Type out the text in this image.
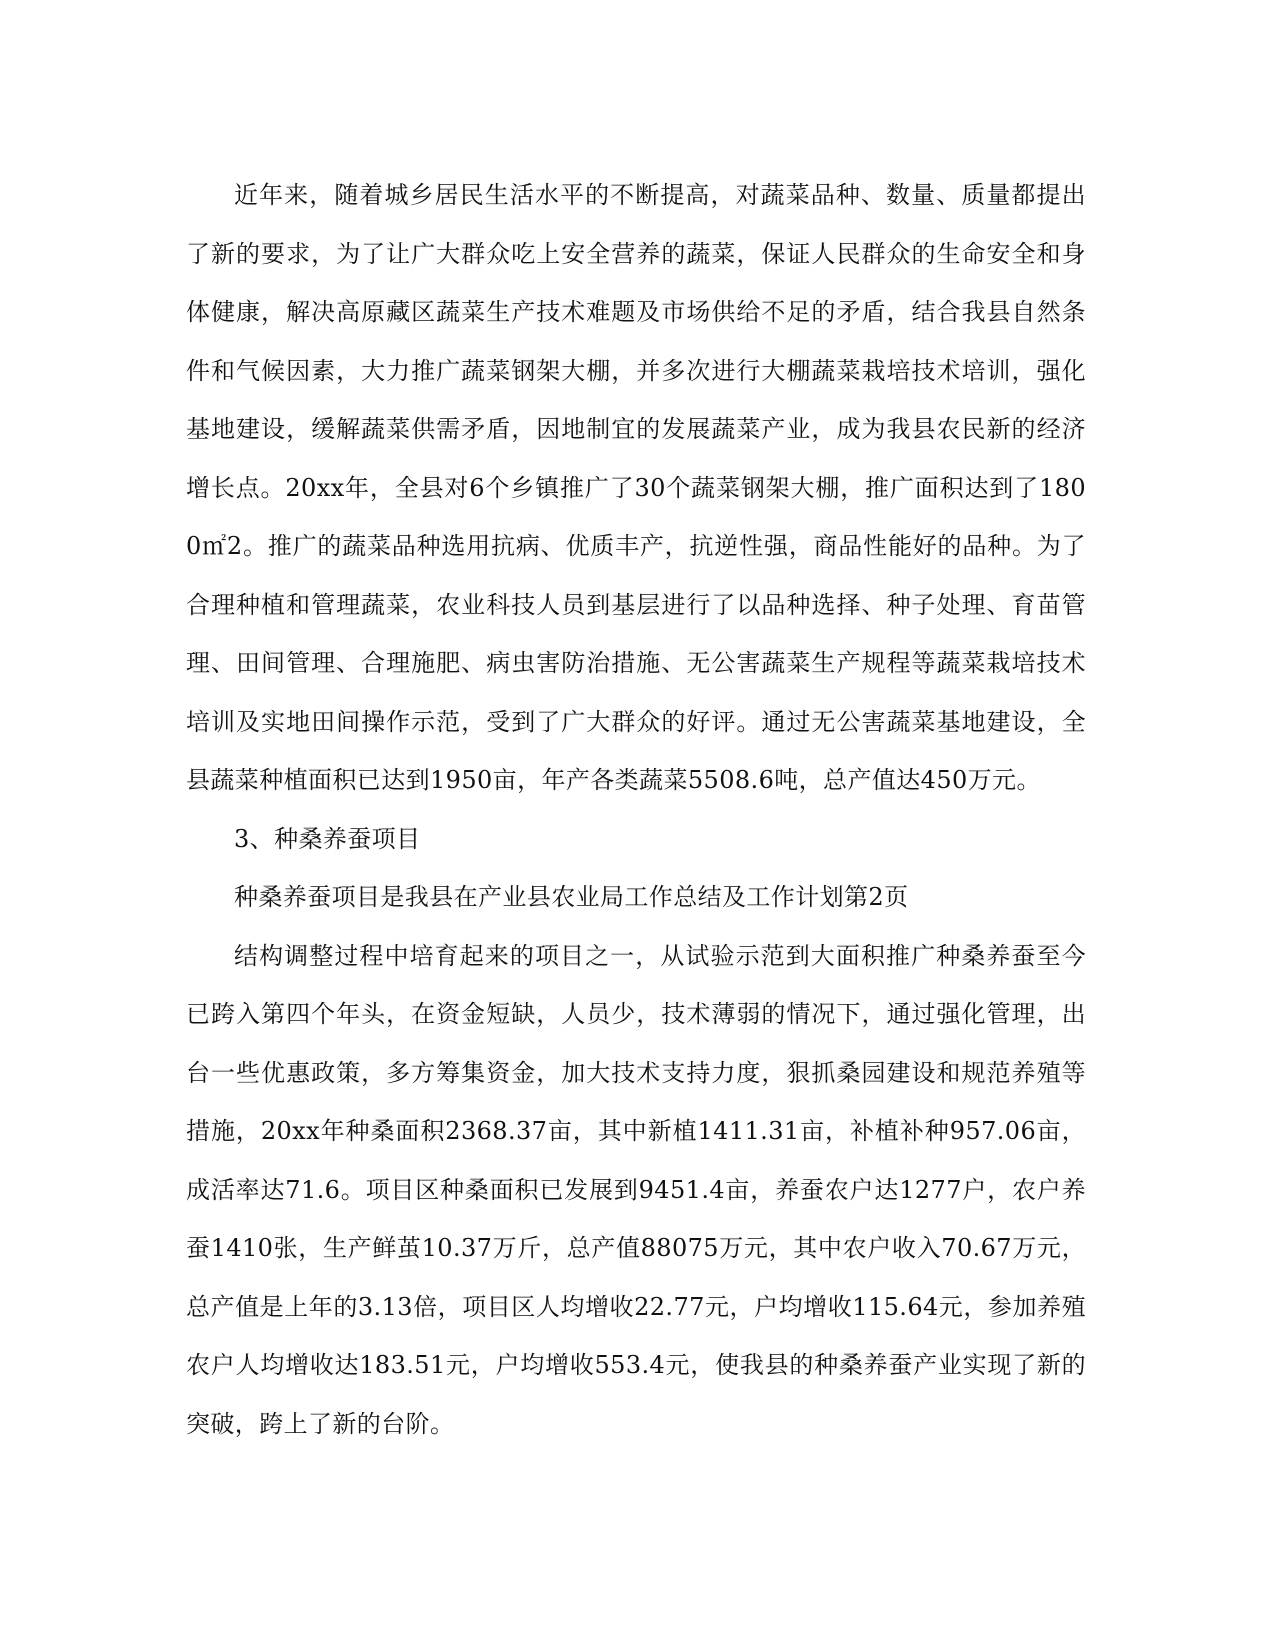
近年来，随着城乡居民生活水平的不断提高，对蔬菜品种、数量、质量都提出了新的要求，为了让广大群众吃上安全营养的蔬菜，保证人民群众的生命安全和身体健康，解决高原藏区蔬菜生产技术难题及市场供给不足的矛盾，结合我县自然条件和气候因素，大力推广蔬菜钢架大棚，并多次进行大棚蔬菜栽培技术培训，强化基地建设，缓解蔬菜供需矛盾，因地制宜的发展蔬菜产业，成为我县农民新的经济增长点。20xx年，全县对6个乡镇推广了30个蔬菜钢架大棚，推广面积达到了1800㎡2。推广的蔬菜品种选用抗病、优质丰产，抗逆性强，商品性能好的品种。为了合理种植和管理蔬菜，农业科技人员到基层进行了以品种选择、种子处理、育苗管理、田间管理、合理施肥、病虫害防治措施、无公害蔬菜生产规程等蔬菜栽培技术培训及实地田间操作示范，受到了广大群众的好评。通过无公害蔬菜基地建设，全县蔬菜种植面积已达到1950亩，年产各类蔬菜5508.6吨，总产值达450万元。

3、种桑养蚕项目

种桑养蚕项目是我县在产业县农业局工作总结及工作计划第2页

结构调整过程中培育起来的项目之一，从试验示范到大面积推广种桑养蚕至今已跨入第四个年头，在资金短缺，人员少，技术薄弱的情况下，通过强化管理，出台一些优惠政策，多方筹集资金，加大技术支持力度，狠抓桑园建设和规范养殖等措施，20xx年种桑面积2368.37亩，其中新植1411.31亩，补植补种957.06亩，成活率达71.6。项目区种桑面积已发展到9451.4亩，养蚕农户达1277户，农户养蚕1410张，生产鲜茧10.37万斤，总产值88075万元，其中农户收入70.67万元，总产值是上年的3.13倍，项目区人均增收22.77元，户均增收115.64元，参加养殖农户人均增收达183.51元，户均增收553.4元，使我县的种桑养蚕产业实现了新的突破，跨上了新的台阶。
